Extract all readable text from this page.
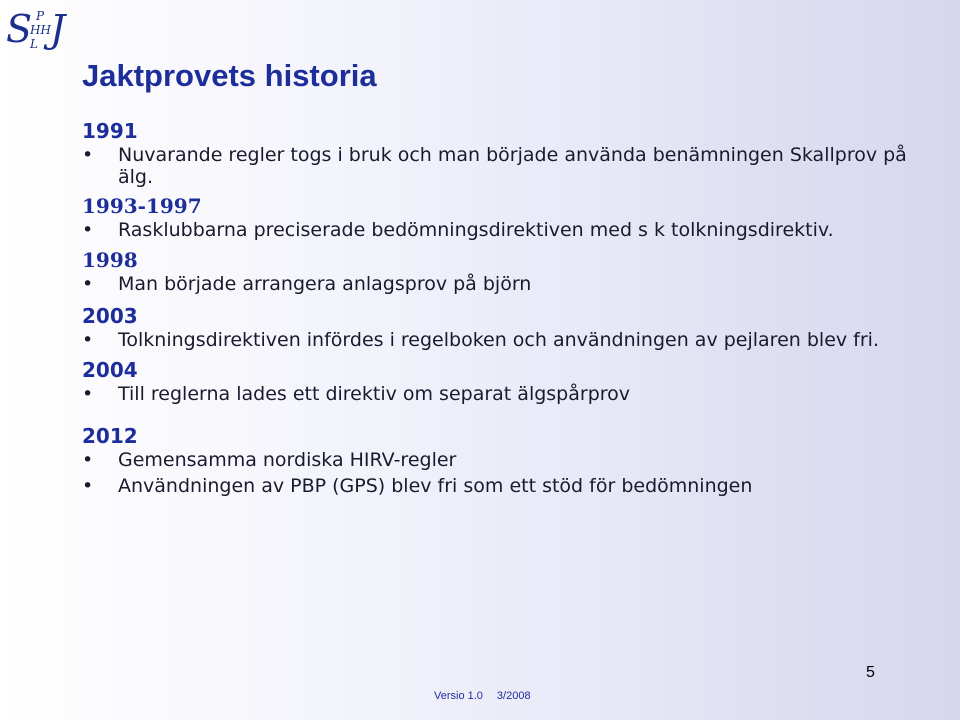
S P
HH
L J
Jaktprovets historia
1991
• Nuvarande regler togs i bruk och man började använda benämningen Skallprov på älg.
1993-1997
• Rasklubbarna preciserade bedömningsdirektiven med s k tolkningsdirektiv.
1998
• Man började arrangera anlagsprov på björn
2003
• Tolkningsdirektiven infördes i regelboken och användningen av pejlaren blev fri.
2004
• Till reglerna lades ett direktiv om separat älgspårprov
2012
• Gemensamma nordiska HIRV-regler
• Användningen av PBP (GPS) blev fri som ett stöd för bedömningen
Versio 1.0 3/2008
5
